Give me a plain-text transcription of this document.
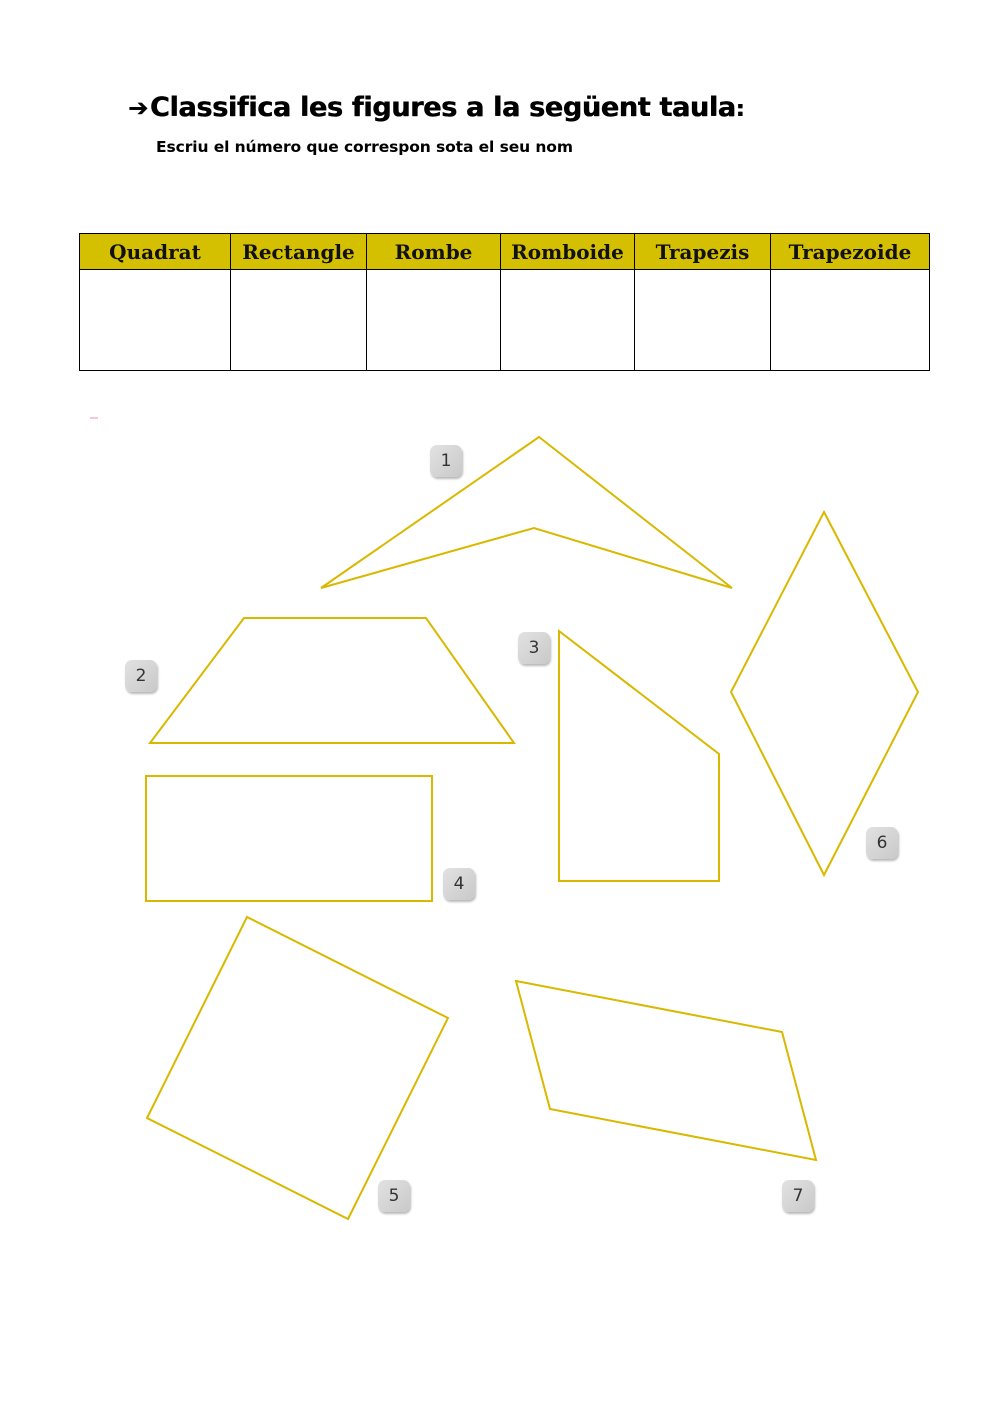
➔Classifica les figures a la següent taula:
Escriu el número que correspon sota el seu nom
Quadrat	Rectangle	Rombe	Romboide	Trapezis	Trapezoide

1
2
3
4
5
6
7
